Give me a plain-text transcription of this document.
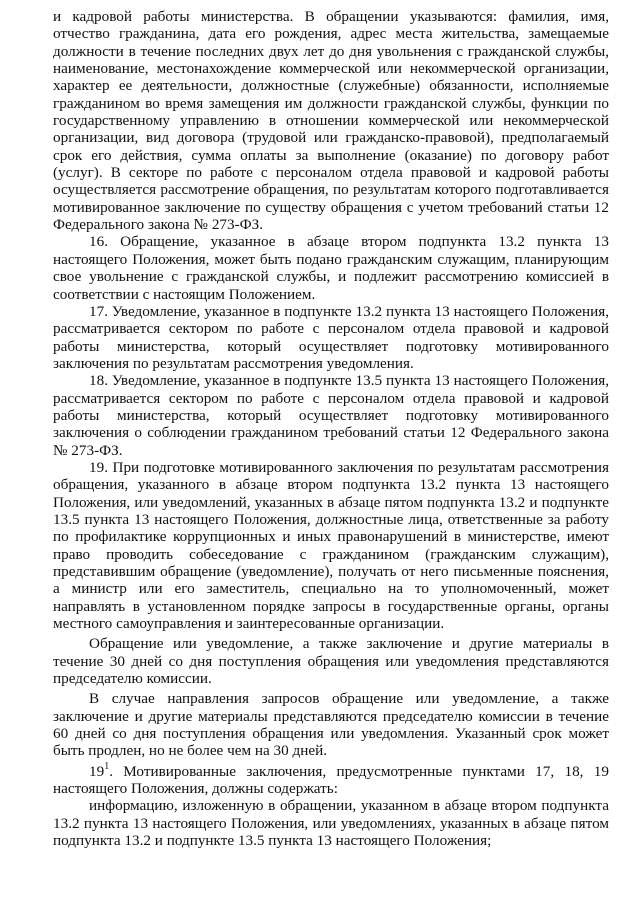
и кадровой работы министерства. В обращении указываются: фамилия, имя, отчество гражданина, дата его рождения, адрес места жительства, замещаемые должности в течение последних двух лет до дня увольнения с гражданской службы, наименование, местонахождение коммерческой или некоммерческой организации, характер ее деятельности, должностные (служебные) обязанности, исполняемые гражданином во время замещения им должности гражданской службы, функции по государственному управлению в отношении коммерческой или некоммерческой организации, вид договора (трудовой или гражданско-правовой), предполагаемый срок его действия, сумма оплаты за выполнение (оказание) по договору работ (услуг). В секторе по работе с персоналом отдела правовой и кадровой работы осуществляется рассмотрение обращения, по результатам которого подготавливается мотивированное заключение по существу обращения с учетом требований статьи 12 Федерального закона № 273-ФЗ.

16. Обращение, указанное в абзаце втором подпункта 13.2 пункта 13 настоящего Положения, может быть подано гражданским служащим, планирующим свое увольнение с гражданской службы, и подлежит рассмотрению комиссией в соответствии с настоящим Положением.

17. Уведомление, указанное в подпункте 13.2 пункта 13 настоящего Положения, рассматривается сектором по работе с персоналом отдела правовой и кадровой работы министерства, который осуществляет подготовку мотивированного заключения по результатам рассмотрения уведомления.

18. Уведомление, указанное в подпункте 13.5 пункта 13 настоящего Положения, рассматривается сектором по работе с персоналом отдела правовой и кадровой работы министерства, который осуществляет подготовку мотивированного заключения о соблюдении гражданином требований статьи 12 Федерального закона № 273-ФЗ.

19. При подготовке мотивированного заключения по результатам рассмотрения обращения, указанного в абзаце втором подпункта 13.2 пункта 13 настоящего Положения, или уведомлений, указанных в абзаце пятом подпункта 13.2 и подпункте 13.5 пункта 13 настоящего Положения, должностные лица, ответственные за работу по профилактике коррупционных и иных правонарушений в министерстве, имеют право проводить собеседование с гражданином (гражданским служащим), представившим обращение (уведомление), получать от него письменные пояснения, а министр или его заместитель, специально на то уполномоченный, может направлять в установленном порядке запросы в государственные органы, органы местного самоуправления и заинтересованные организации.

Обращение или уведомление, а также заключение и другие материалы в течение 30 дней со дня поступления обращения или уведомления представляются председателю комиссии.

В случае направления запросов обращение или уведомление, а также заключение и другие материалы представляются председателю комиссии в течение 60 дней со дня поступления обращения или уведомления. Указанный срок может быть продлен, но не более чем на 30 дней.

$19^1$. Мотивированные заключения, предусмотренные пунктами 17, 18, 19 настоящего Положения, должны содержать:

информацию, изложенную в обращении, указанном в абзаце втором подпункта 13.2 пункта 13 настоящего Положения, или уведомлениях, указанных в абзаце пятом подпункта 13.2 и подпункте 13.5 пункта 13 настоящего Положения;
